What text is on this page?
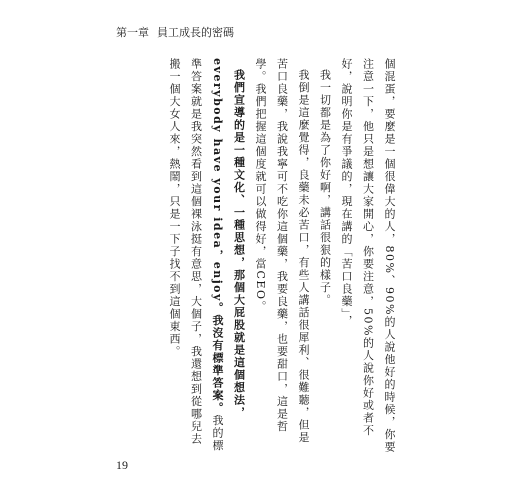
第一章 員工成長的密碼

個混蛋，要麼是一個很偉大的人，80%、90%的人說他好的時候，你要注意一下，他只是想讓大家開心，你要注意，50%的人說你好或者不好，說明你是有爭議的，現在講的「苦口良藥」，

我一切都是為了你好啊，講話很狠的樣子。

我倒是這麼覺得，良藥未必苦口，有些人講話很犀利、很難聽，但是苦口良藥，我說我寧可不吃你這個藥，我要良藥，也要甜口，這是哲學。我們把握這個度就可以做得好，當CEO。

我們宣導的是一種文化、一種思想，那個大屁股就是這個想法，everybody have your idea，enjoy。我沒有標準答案。我的標準答案就是我突然看到這個裸泳挺有意思，大個子，我還想到從哪兒去搬一個大女人來，熱鬧，只是一下子找不到這個東西。

19
